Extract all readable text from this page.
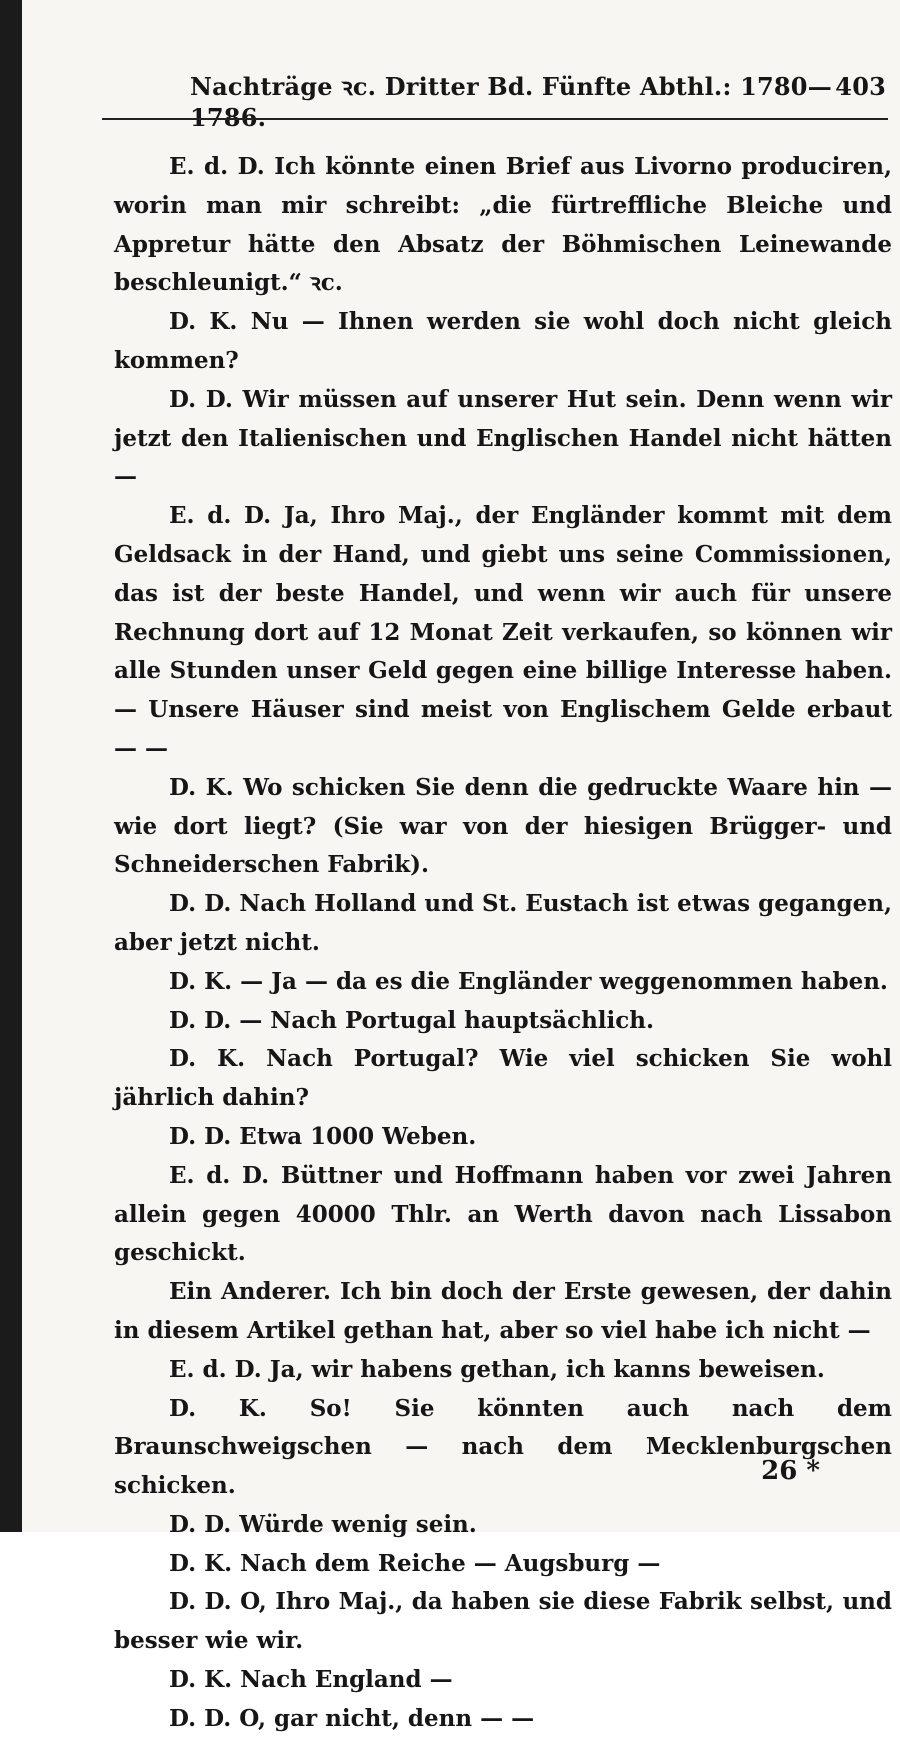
Nachträge ꝛc. Dritter Bd. Fünfte Abthl.: 1780—1786.
403

E. d. D. Ich könnte einen Brief aus Livorno produciren, worin man mir schreibt: „die fürtreffliche Bleiche und Appretur hätte den Absatz der Böhmischen Leinewande beschleunigt.“ ꝛc.

D. K. Nu — Ihnen werden sie wohl doch nicht gleich kommen?

D. D. Wir müssen auf unserer Hut sein. Denn wenn wir jetzt den Italienischen und Englischen Handel nicht hätten —

E. d. D. Ja, Ihro Maj., der Engländer kommt mit dem Geldsack in der Hand, und giebt uns seine Commissionen, das ist der beste Handel, und wenn wir auch für unsere Rechnung dort auf 12 Monat Zeit verkaufen, so können wir alle Stunden unser Geld gegen eine billige Interesse haben. — Unsere Häuser sind meist von Englischem Gelde erbaut — —

D. K. Wo schicken Sie denn die gedruckte Waare hin — wie dort liegt? (Sie war von der hiesigen Brügger- und Schneiderschen Fabrik).

D. D. Nach Holland und St. Eustach ist etwas gegangen, aber jetzt nicht.

D. K. — Ja — da es die Engländer weggenommen haben.

D. D. — Nach Portugal hauptsächlich.

D. K. Nach Portugal? Wie viel schicken Sie wohl jährlich dahin?

D. D. Etwa 1000 Weben.

E. d. D. Büttner und Hoffmann haben vor zwei Jahren allein gegen 40000 Thlr. an Werth davon nach Lissabon geschickt.

Ein Anderer. Ich bin doch der Erste gewesen, der dahin in diesem Artikel gethan hat, aber so viel habe ich nicht —

E. d. D. Ja, wir habens gethan, ich kanns beweisen.

D. K. So! Sie könnten auch nach dem Braunschweigschen — nach dem Mecklenburgschen schicken.

D. D. Würde wenig sein.

D. K. Nach dem Reiche — Augsburg —

D. D. O, Ihro Maj., da haben sie diese Fabrik selbst, und besser wie wir.

D. K. Nach England —

D. D. O, gar nicht, denn — —

26 *
